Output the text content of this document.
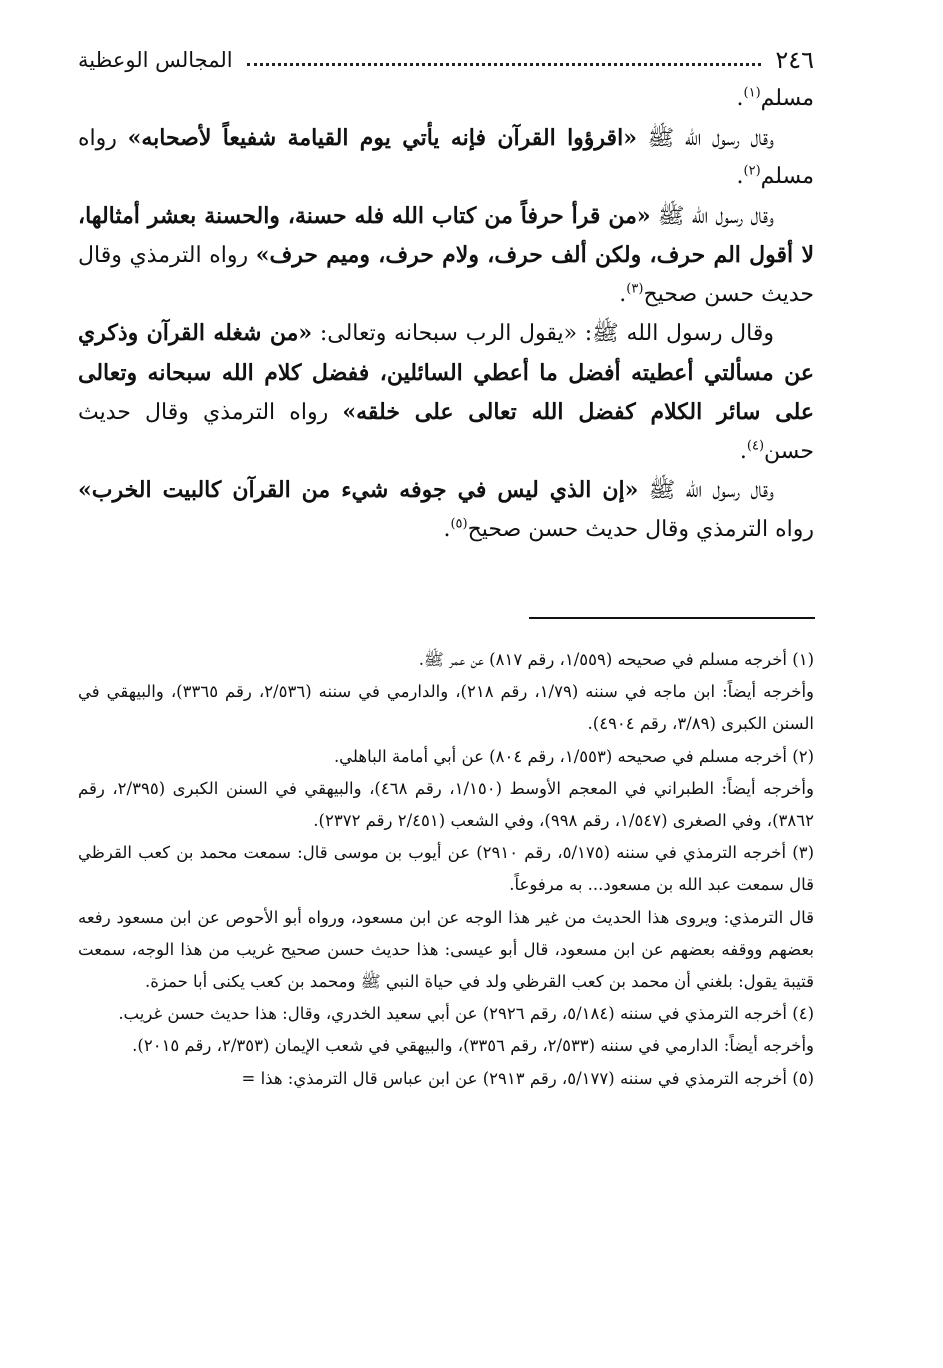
٢٤٦
المجالس الوعظية

مسلم$^{(١)}$.

وقال رسول الله ﷺ «اقرؤوا القرآن فإنه يأتي يوم القيامة شفيعاً لأصحابه» رواه مسلم$^{(٢)}$.

وقال رسول الله ﷺ «من قرأ حرفاً من كتاب الله فله حسنة، والحسنة بعشر أمثالها، لا أقول الم حرف، ولكن ألف حرف، ولام حرف، وميم حرف» رواه الترمذي وقال حديث حسن صحيح$^{(٣)}$.

وقال رسول الله ﷺ: «يقول الرب سبحانه وتعالى: «من شغله القرآن وذكري عن مسألتي أعطيته أفضل ما أعطي السائلين، ففضل كلام الله سبحانه وتعالى على سائر الكلام كفضل الله تعالى على خلقه» رواه الترمذي وقال حديث حسن$^{(٤)}$.

وقال رسول الله ﷺ «إن الذي ليس في جوفه شيء من القرآن كالبيت الخرب» رواه الترمذي وقال حديث حسن صحيح$^{(٥)}$.

(١) أخرجه مسلم في صحيحه (١/٥٥٩، رقم ٨١٧) عن عمر ﷺ.

وأخرجه أيضاً: ابن ماجه في سننه (١/٧٩، رقم ٢١٨)، والدارمي في سننه (٢/٥٣٦، رقم ٣٣٦٥)، والبيهقي في السنن الكبرى (٣/٨٩، رقم ٤٩٠٤).

(٢) أخرجه مسلم في صحيحه (١/٥٥٣، رقم ٨٠٤) عن أبي أمامة الباهلي.

وأخرجه أيضاً: الطبراني في المعجم الأوسط (١/١٥٠، رقم ٤٦٨)، والبيهقي في السنن الكبرى (٢/٣٩٥، رقم ٣٨٦٢)، وفي الصغرى (١/٥٤٧، رقم ٩٩٨)، وفي الشعب (٢/٤٥١ رقم ٢٣٧٢).

(٣) أخرجه الترمذي في سننه (٥/١٧٥، رقم ٢٩١٠) عن أيوب بن موسى قال: سمعت محمد بن كعب القرظي قال سمعت عبد الله بن مسعود... به مرفوعاً.

قال الترمذي: ويروى هذا الحديث من غير هذا الوجه عن ابن مسعود، ورواه أبو الأحوص عن ابن مسعود رفعه بعضهم ووقفه بعضهم عن ابن مسعود، قال أبو عيسى: هذا حديث حسن صحيح غريب من هذا الوجه، سمعت قتيبة يقول: بلغني أن محمد بن كعب القرظي ولد في حياة النبي ﷺ ومحمد بن كعب يكنى أبا حمزة.

(٤) أخرجه الترمذي في سننه (٥/١٨٤، رقم ٢٩٢٦) عن أبي سعيد الخدري، وقال: هذا حديث حسن غريب.

وأخرجه أيضاً: الدارمي في سننه (٢/٥٣٣، رقم ٣٣٥٦)، والبيهقي في شعب الإيمان (٢/٣٥٣، رقم ٢٠١٥).

(٥) أخرجه الترمذي في سننه (٥/١٧٧، رقم ٢٩١٣) عن ابن عباس قال الترمذي: هذا =
